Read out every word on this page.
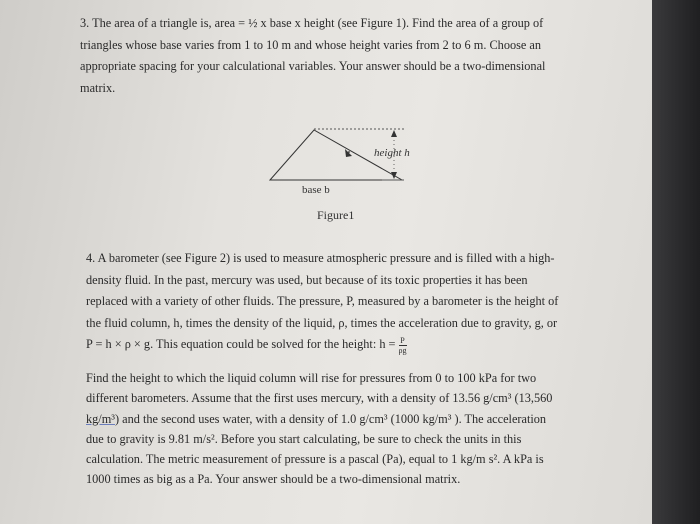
3. The area of a triangle is, area = ½ x base x height (see Figure 1). Find the area of a group of
triangles whose base varies from 1 to 10 m and whose height varies from 2 to 6 m. Choose an
appropriate spacing for your calculational variables. Your answer should be a two-dimensional
matrix.
height h
base b
Figure1
4. A barometer (see Figure 2) is used to measure atmospheric pressure and is filled with a high-
density fluid. In the past, mercury was used, but because of its toxic properties it has been
replaced with a variety of other fluids. The pressure, P, measured by a barometer is the height of
the fluid column, h, times the density of the liquid, ρ, times the acceleration due to gravity, g, or
P = h × ρ × g. This equation could be solved for the height: $h = \frac{P}{\rho g}$
Find the height to which the liquid column will rise for pressures from 0 to 100 kPa for two
different barometers. Assume that the first uses mercury, with a density of 13.56 g/cm³ (13,560
kg/m³) and the second uses water, with a density of 1.0 g/cm³ (1000 kg/m³ ). The acceleration
due to gravity is 9.81 m/s². Before you start calculating, be sure to check the units in this
calculation. The metric measurement of pressure is a pascal (Pa), equal to 1 kg/m s². A kPa is
1000 times as big as a Pa. Your answer should be a two-dimensional matrix.
